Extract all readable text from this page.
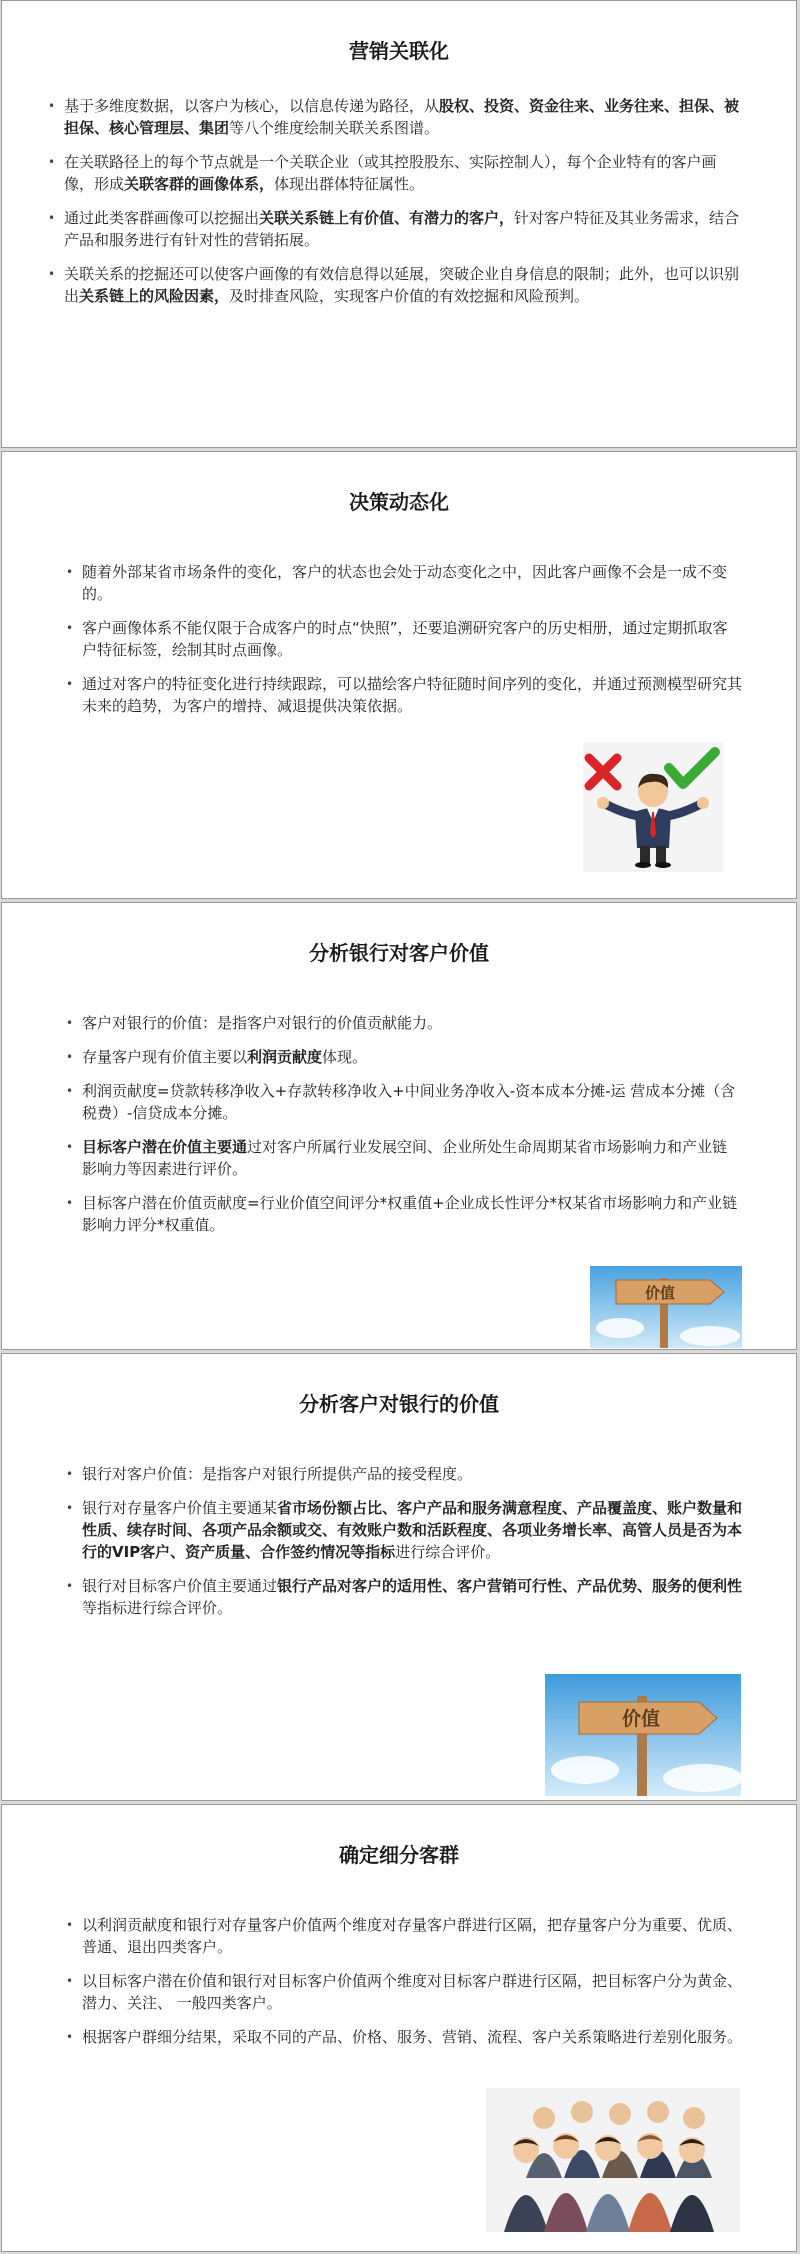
营销关联化
• 基于多维度数据，以客户为核心，以信息传递为路径，从股权、投资、资金往来、业务往来、担保、被担保、核心管理层、集团等八个维度绘制关联关系图谱。
• 在关联路径上的每个节点就是一个关联企业（或其控股股东、实际控制人），每个企业特有的客户画像，形成关联客群的画像体系，体现出群体特征属性。
• 通过此类客群画像可以挖掘出关联关系链上有价值、有潜力的客户，针对客户特征及其业务需求，结合产品和服务进行有针对性的营销拓展。
• 关联关系的挖掘还可以使客户画像的有效信息得以延展，突破企业自身信息的限制；此外，也可以识别出关系链上的风险因素，及时排查风险，实现客户价值的有效挖掘和风险预判。
决策动态化
• 随着外部某省市场条件的变化，客户的状态也会处于动态变化之中，因此客户画像不会是一成不变的。
• 客户画像体系不能仅限于合成客户的时点“快照”，还要追溯研究客户的历史相册，通过定期抓取客户特征标签，绘制其时点画像。
• 通过对客户的特征变化进行持续跟踪，可以描绘客户特征随时间序列的变化，并通过预测模型研究其未来的趋势，为客户的增持、减退提供决策依据。
分析银行对客户价值
• 客户对银行的价值：是指客户对银行的价值贡献能力。
• 存量客户现有价值主要以利润贡献度体现。
• 利润贡献度=贷款转移净收入+存款转移净收入+中间业务净收入-资本成本分摊-运 营成本分摊（含税费）-信贷成本分摊。
• 目标客户潜在价值主要通过对客户所属行业发展空间、企业所处生命周期某省市场影响力和产业链影响力等因素进行评价。
• 目标客户潜在价值贡献度=行业价值空间评分*权重值+企业成长性评分*权某省市场影响力和产业链影响力评分*权重值。
价值
分析客户对银行的价值
• 银行对客户价值：是指客户对银行所提供产品的接受程度。
• 银行对存量客户价值主要通某省市场份额占比、客户产品和服务满意程度、产品覆盖度、账户数量和性质、续存时间、各项产品余额或交、有效账户数和活跃程度、各项业务增长率、高管人员是否为本行的VIP客户、资产质量、合作签约情况等指标进行综合评价。
• 银行对目标客户价值主要通过银行产品对客户的适用性、客户营销可行性、产品优势、服务的便利性等指标进行综合评价。
价值
确定细分客群
• 以利润贡献度和银行对存量客户价值两个维度对存量客户群进行区隔，把存量客户分为重要、优质、普通、退出四类客户。
• 以目标客户潜在价值和银行对目标客户价值两个维度对目标客户群进行区隔，把目标客户分为黄金、潜力、关注、 一般四类客户。
• 根据客户群细分结果，采取不同的产品、价格、服务、营销、流程、客户关系策略进行差别化服务。
